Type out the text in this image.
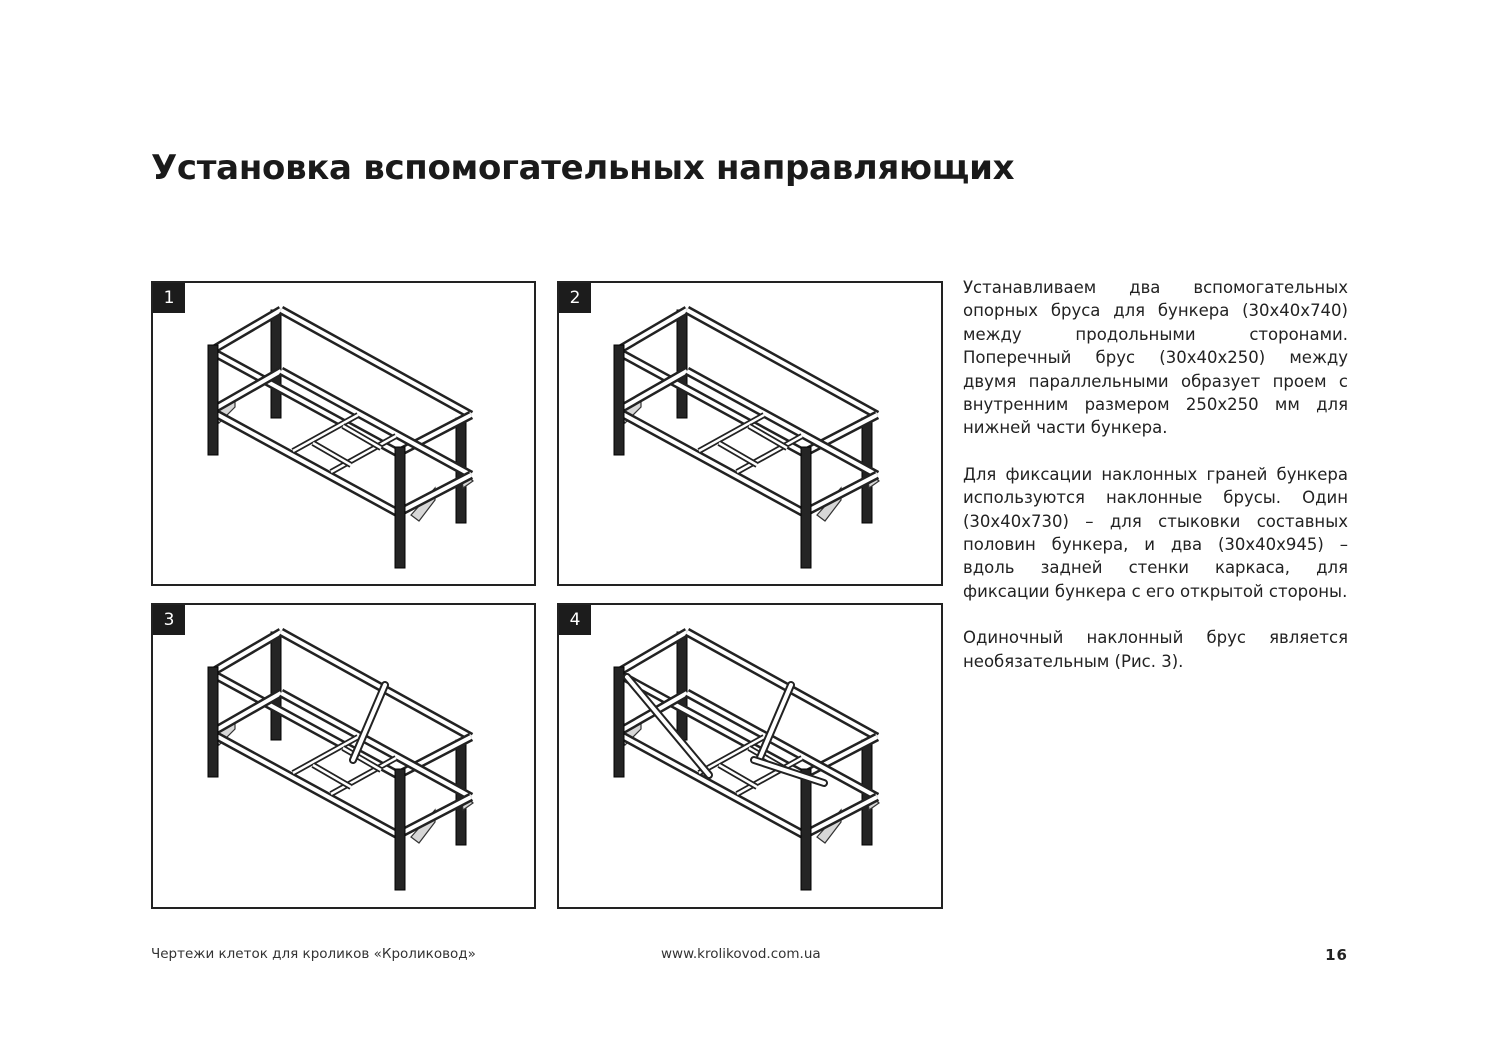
Установка вспомогательных направляющих
1	2
3	4

Устанавливаем два вспомогательных опорных бруса для бункера (30х40х740) между продольными сторонами. Поперечный брус (30х40х250) между двумя параллельными образует проем с внутренним размером 250х250 мм для нижней части бункера.

Для фиксации наклонных граней бункера используются наклонные брусы. Один (30х40х730) – для стыковки составных половин бункера, и два (30х40х945) – вдоль задней стенки каркаса, для фиксации бункера с его открытой стороны.

Одиночный наклонный брус является необязательным (Рис. 3).

Чертежи клеток для кроликов «Кроликовод»	www.krolikovod.com.ua	16
